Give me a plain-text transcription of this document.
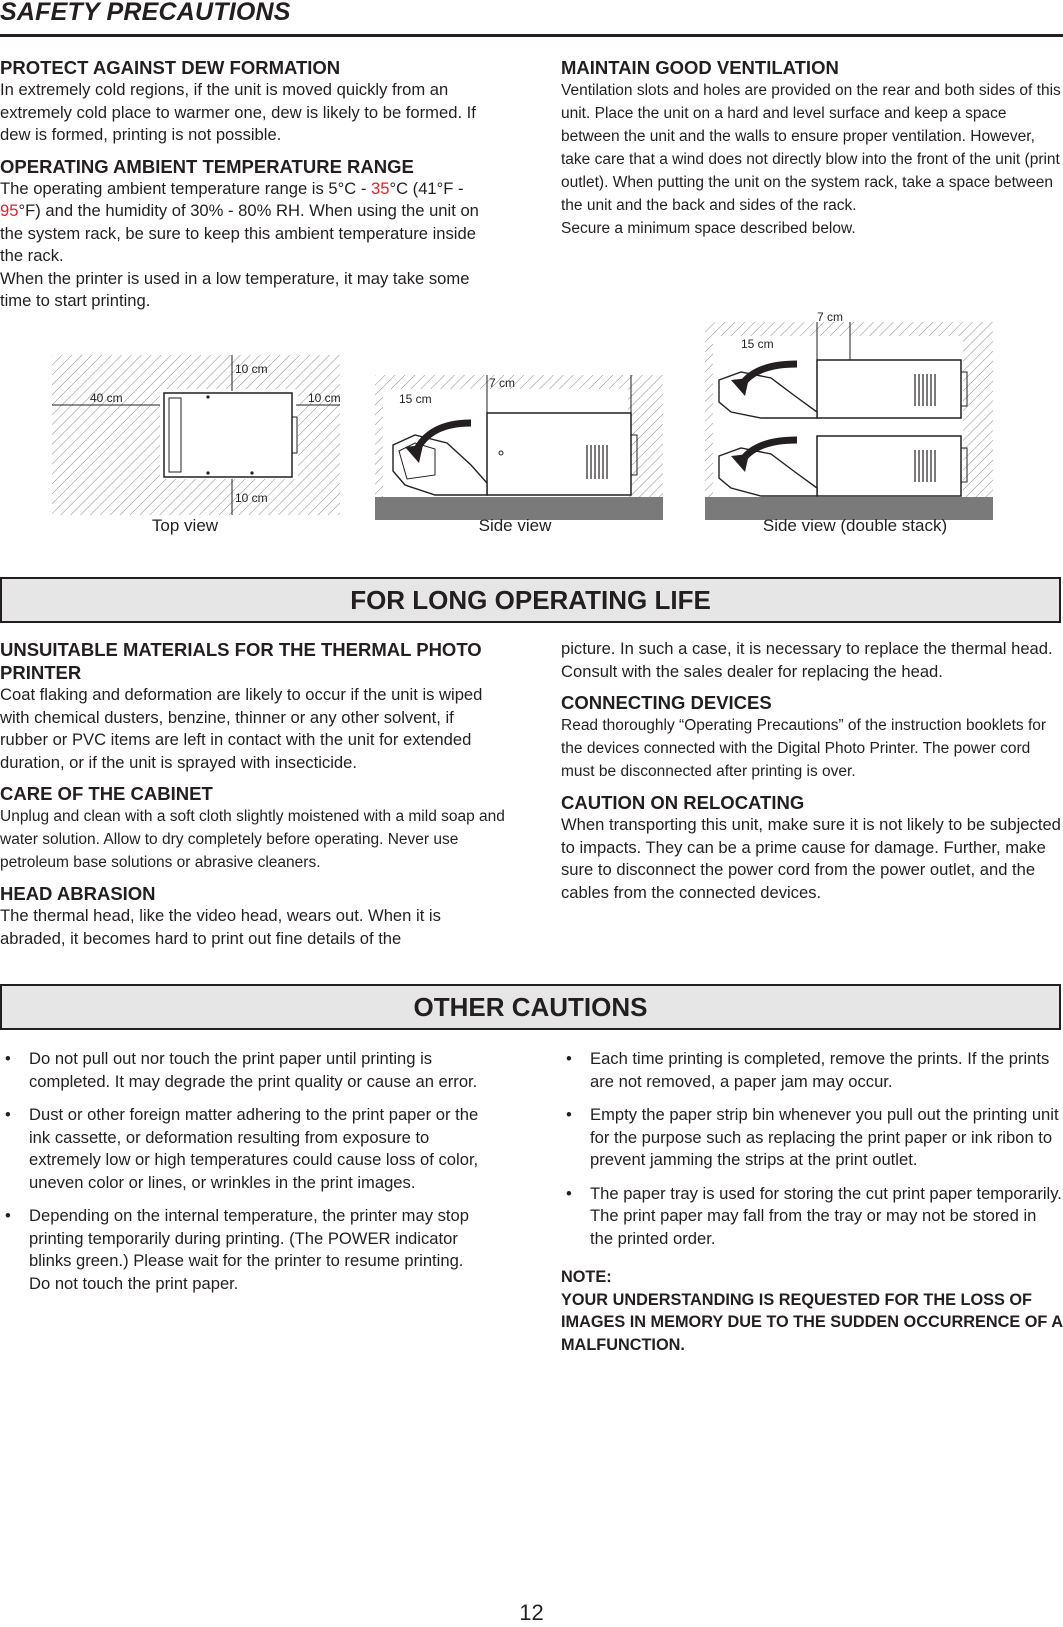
SAFETY PRECAUTIONS
PROTECT AGAINST DEW FORMATION

In extremely cold regions, if the unit is moved quickly from an extremely cold place to warmer one, dew is likely to be formed. If dew is formed, printing is not possible.

OPERATING AMBIENT TEMPERATURE RANGE

The operating ambient temperature range is 5°C - 35°C (41°F - 95°F) and the humidity of 30% - 80% RH. When using the unit on the system rack, be sure to keep this ambient temperature inside the rack.

When the printer is used in a low temperature, it may take some time to start printing.

MAINTAIN GOOD VENTILATION

Ventilation slots and holes are provided on the rear and both sides of this unit. Place the unit on a hard and level surface and keep a space between the unit and the walls to ensure proper ventilation. However, take care that a wind does not directly blow into the front of the unit (print outlet). When putting the unit on the system rack, take a space between the unit and the back and sides of the rack.

Secure a minimum space described below.

10 cm
40 cm	10 cm
10 cm
Top view
15 cm
7 cm
Side view
15 cm
7 cm
Side view (double stack)
FOR LONG OPERATING LIFE
UNSUITABLE MATERIALS FOR THE THERMAL PHOTO PRINTER

Coat flaking and deformation are likely to occur if the unit is wiped with chemical dusters, benzine, thinner or any other solvent, if rubber or PVC items are left in contact with the unit for extended duration, or if the unit is sprayed with insecticide.

CARE OF THE CABINET

Unplug and clean with a soft cloth slightly moistened with a mild soap and water solution. Allow to dry completely before operating. Never use petroleum base solutions or abrasive cleaners.

HEAD ABRASION

The thermal head, like the video head, wears out. When it is abraded, it becomes hard to print out fine details of the

picture. In such a case, it is necessary to replace the thermal head. Consult with the sales dealer for replacing the head.

CONNECTING DEVICES

Read thoroughly “Operating Precautions” of the instruction booklets for the devices connected with the Digital Photo Printer. The power cord must be disconnected after printing is over.

CAUTION ON RELOCATING

When transporting this unit, make sure it is not likely to be subjected to impacts. They can be a prime cause for damage. Further, make sure to disconnect the power cord from the power outlet, and the cables from the connected devices.

OTHER CAUTIONS
• Do not pull out nor touch the print paper until printing is completed. It may degrade the print quality or cause an error.
• Dust or other foreign matter adhering to the print paper or the ink cassette, or deformation resulting from exposure to extremely low or high temperatures could cause loss of color, uneven color or lines, or wrinkles in the print images.
• Depending on the internal temperature, the printer may stop printing temporarily during printing. (The POWER indicator blinks green.) Please wait for the printer to resume printing.
Do not touch the print paper.
• Each time printing is completed, remove the prints. If the prints are not removed, a paper jam may occur.
• Empty the paper strip bin whenever you pull out the printing unit for the purpose such as replacing the print paper or ink ribon to prevent jamming the strips at the print outlet.
• The paper tray is used for storing the cut print paper temporarily. The print paper may fall from the tray or may not be stored in the printed order.
NOTE:
YOUR UNDERSTANDING IS REQUESTED FOR THE LOSS OF IMAGES IN MEMORY DUE TO THE SUDDEN OCCURRENCE OF A MALFUNCTION.
12
